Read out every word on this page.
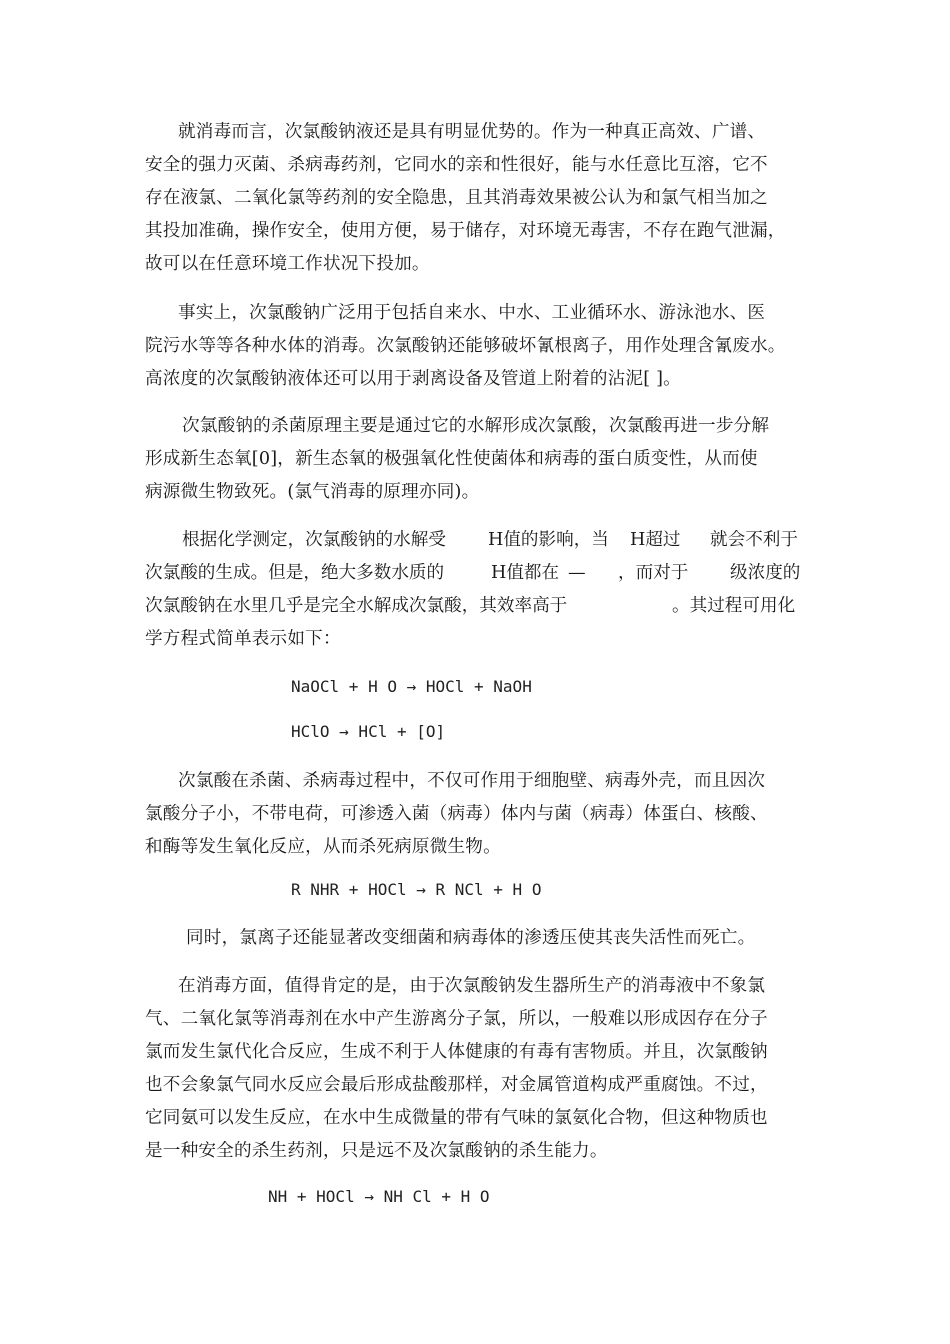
就消毒而言，次氯酸钠液还是具有明显优势的。作为一种真正高效、广谱、
安全的强力灭菌、杀病毒药剂，它同水的亲和性很好，能与水任意比互溶，它不
存在液氯、二氧化氯等药剂的安全隐患，且其消毒效果被公认为和氯气相当加之
其投加准确，操作安全，使用方便，易于储存，对环境无毒害，不存在跑气泄漏，
故可以在任意环境工作状况下投加。
事实上，次氯酸钠广泛用于包括自来水、中水、工业循环水、游泳池水、医
院污水等等各种水体的消毒。次氯酸钠还能够破坏氰根离子，用作处理含氰废水。
高浓度的次氯酸钠液体还可以用于剥离设备及管道上附着的沾泥[ ]。
次氯酸钠的杀菌原理主要是通过它的水解形成次氯酸，次氯酸再进一步分解
形成新生态氧[0]，新生态氧的极强氧化性使菌体和病毒的蛋白质变性，从而使
病源微生物致死。(氯气消毒的原理亦同)。
根据化学测定，次氯酸钠的水解受 H值的影响，当 H超过 就会不利于
次氯酸的生成。但是，绝大多数水质的	H值都在 — ，而对于 级浓度的
次氯酸钠在水里几乎是完全水解成次氯酸，其效率高于	。其过程可用化
学方程式简单表示如下：
NaOCl + H O → HOCl + NaOH
HClO → HCl + [O]
次氯酸在杀菌、杀病毒过程中，不仅可作用于细胞壁、病毒外壳，而且因次
氯酸分子小，不带电荷，可渗透入菌（病毒）体内与菌（病毒）体蛋白、核酸、
和酶等发生氧化反应，从而杀死病原微生物。
R NHR + HOCl → R NCl + H O
同时，氯离子还能显著改变细菌和病毒体的渗透压使其丧失活性而死亡。
在消毒方面，值得肯定的是，由于次氯酸钠发生器所生产的消毒液中不象氯
气、二氧化氯等消毒剂在水中产生游离分子氯，所以，一般难以形成因存在分子
氯而发生氯代化合反应，生成不利于人体健康的有毒有害物质。并且，次氯酸钠
也不会象氯气同水反应会最后形成盐酸那样，对金属管道构成严重腐蚀。不过，
它同氨可以发生反应，在水中生成微量的带有气味的氯氨化合物，但这种物质也
是一种安全的杀生药剂，只是远不及次氯酸钠的杀生能力。
NH + HOCl → NH Cl + H O
